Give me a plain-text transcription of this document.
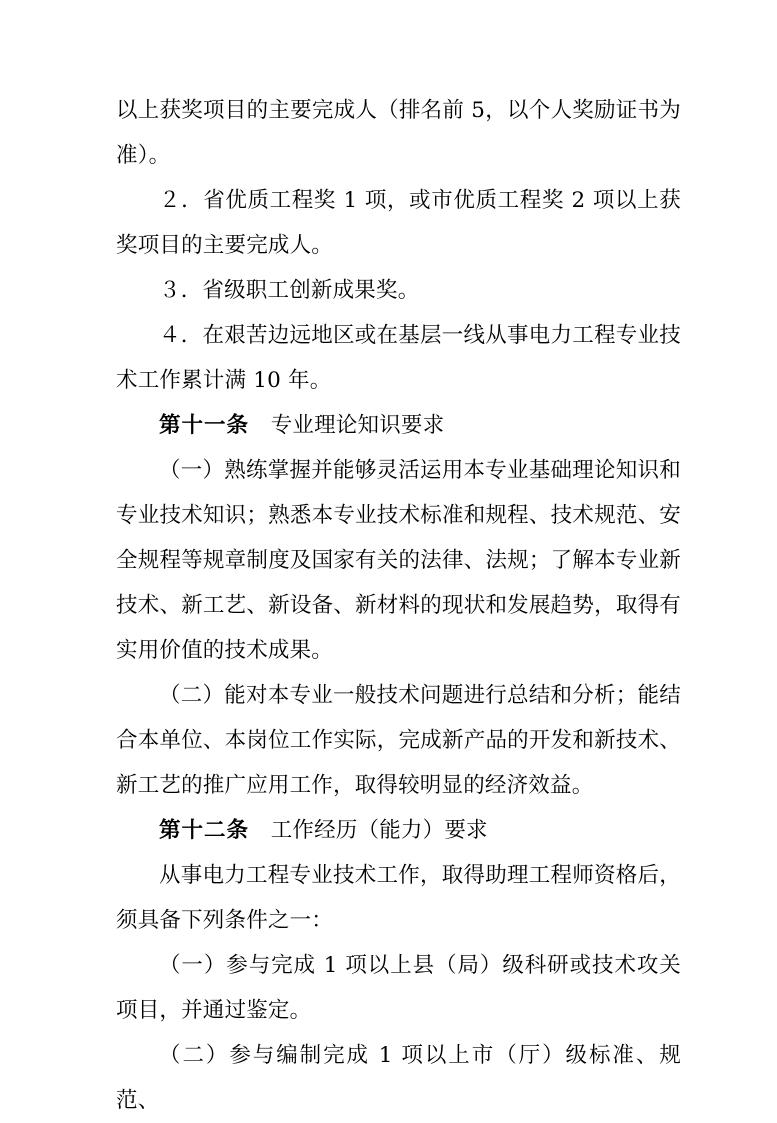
以上获奖项目的主要完成人（排名前 5，以个人奖励证书为准）。

２．省优质工程奖 1 项，或市优质工程奖 2 项以上获奖项目的主要完成人。

３．省级职工创新成果奖。

４．在艰苦边远地区或在基层一线从事电力工程专业技术工作累计满 10 年。

第十一条　 专业理论知识要求

（一）熟练掌握并能够灵活运用本专业基础理论知识和专业技术知识；熟悉本专业技术标准和规程、技术规范、安全规程等规章制度及国家有关的法律、法规；了解本专业新技术、新工艺、新设备、新材料的现状和发展趋势，取得有实用价值的技术成果。

（二）能对本专业一般技术问题进行总结和分析；能结合本单位、本岗位工作实际，完成新产品的开发和新技术、新工艺的推广应用工作，取得较明显的经济效益。

第十二条　 工作经历（能力）要求

从事电力工程专业技术工作，取得助理工程师资格后，须具备下列条件之一：

（一）参与完成 1 项以上县（局）级科研或技术攻关项目，并通过鉴定。

（二）参与编制完成 1 项以上市（厅）级标准、规范、
